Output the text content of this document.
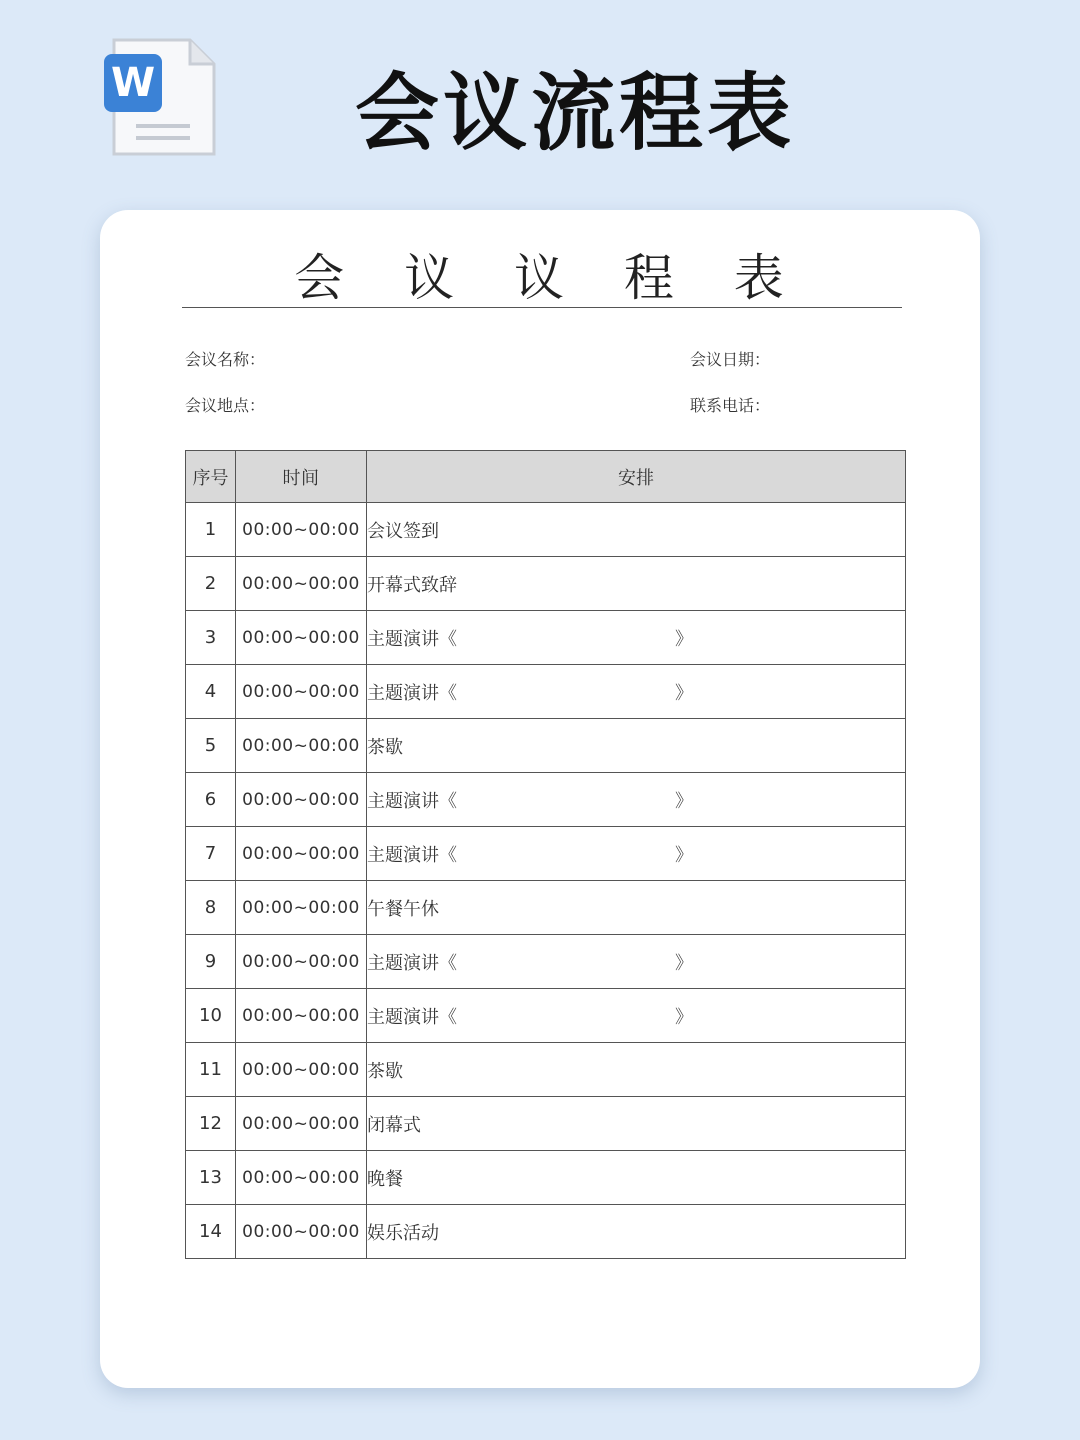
W	会议流程表
会 议 议 程 表
会议名称：	会议日期：
会议地点：	联系电话：
序号	时间	安排
1	00:00~00:00	会议签到

2	00:00~00:00	开幕式致辞

3	00:00~00:00	主题演讲《 》

4	00:00~00:00	主题演讲《 》

5	00:00~00:00	茶歇

6	00:00~00:00	主题演讲《 》

7	00:00~00:00	主题演讲《 》

8	00:00~00:00	午餐午休

9	00:00~00:00	主题演讲《 》

10	00:00~00:00	主题演讲《 》

11	00:00~00:00	茶歇

12	00:00~00:00	闭幕式

13	00:00~00:00	晚餐

14	00:00~00:00	娱乐活动
